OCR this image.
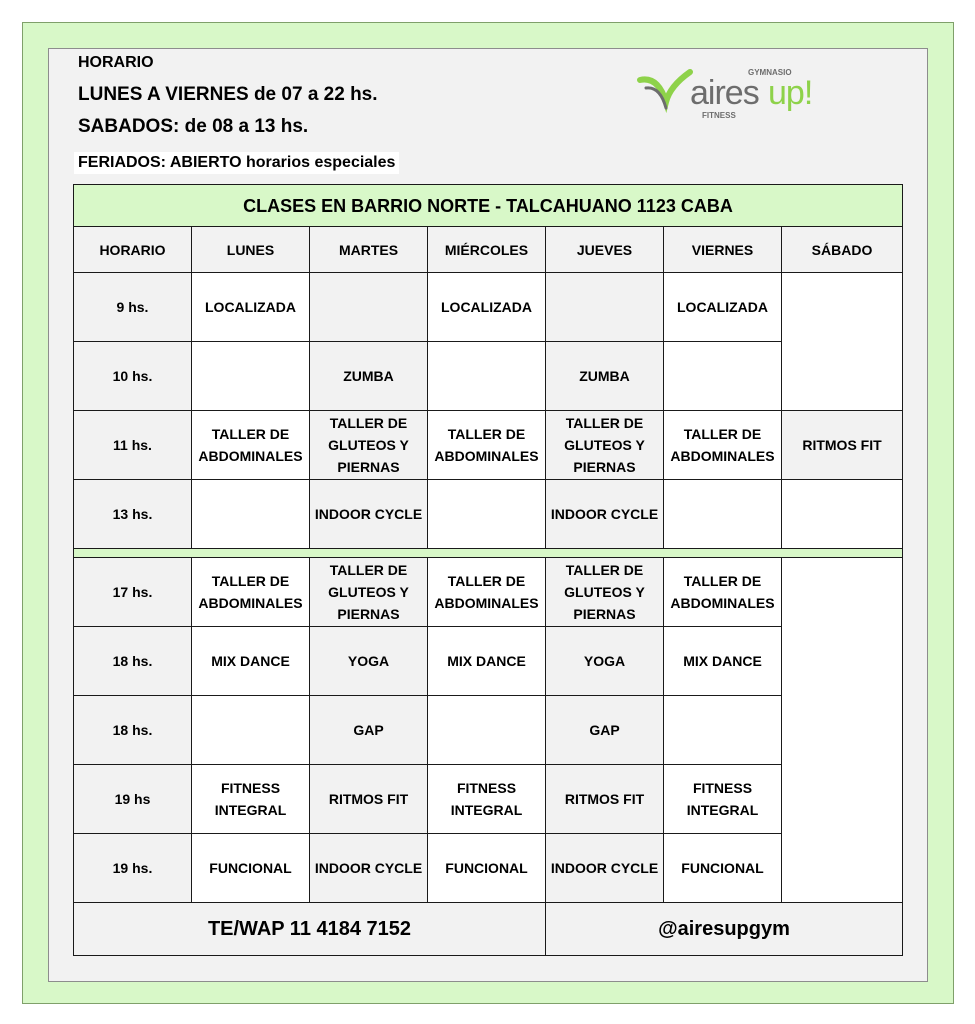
HORARIO
LUNES A VIERNES de 07 a 22 hs.
SABADOS: de 08 a 13 hs.
FERIADOS: ABIERTO horarios especiales
GYMNASIO
aires up!
FITNESS
CLASES EN BARRIO NORTE - TALCAHUANO 1123 CABA						
HORARIO	LUNES	MARTES	MIÉRCOLES	JUEVES	VIERNES	SÁBADO
9 hs.	LOCALIZADA		LOCALIZADA		LOCALIZADA	
10 hs.		ZUMBA		ZUMBA		
11 hs.	TALLER DE ABDOMINALES	TALLER DE GLUTEOS Y PIERNAS	TALLER DE ABDOMINALES	TALLER DE GLUTEOS Y PIERNAS	TALLER DE ABDOMINALES	RITMOS FIT
13 hs.		INDOOR CYCLE		INDOOR CYCLE		

17 hs.	TALLER DE ABDOMINALES	TALLER DE GLUTEOS Y PIERNAS	TALLER DE ABDOMINALES	TALLER DE GLUTEOS Y PIERNAS	TALLER DE ABDOMINALES	
18 hs.	MIX DANCE	YOGA	MIX DANCE	YOGA	MIX DANCE	
18 hs.		GAP		GAP		
19 hs	FITNESS INTEGRAL	RITMOS FIT	FITNESS INTEGRAL	RITMOS FIT	FITNESS INTEGRAL	
19 hs.	FUNCIONAL	INDOOR CYCLE	FUNCIONAL	INDOOR CYCLE	FUNCIONAL	
TE/WAP 11 4184 7152				@airesupgym		
